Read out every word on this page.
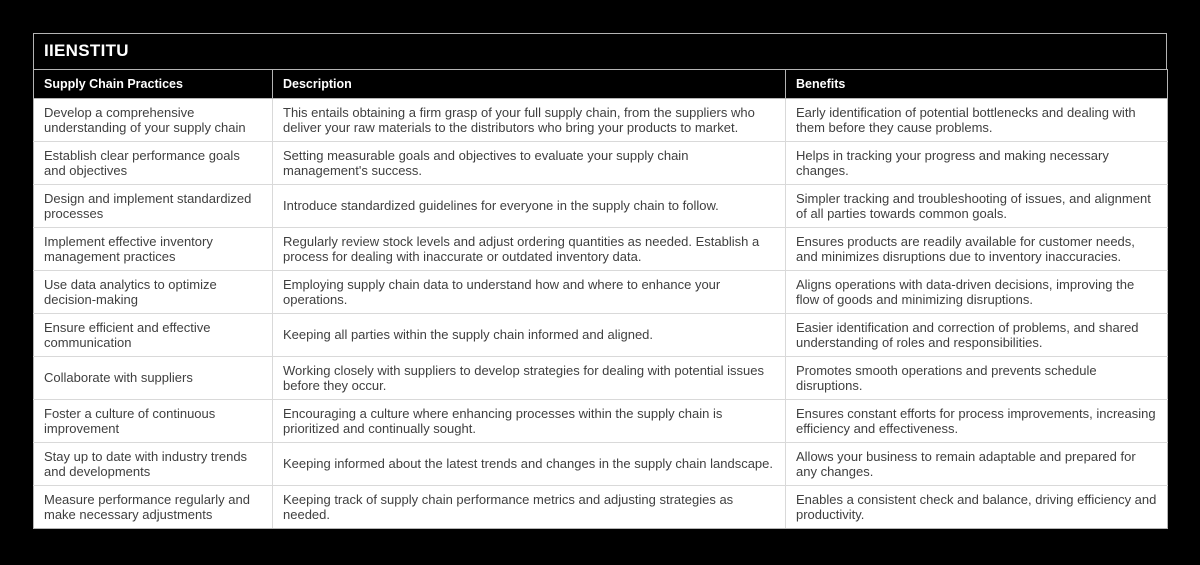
IIENSTITU
Supply Chain Practices	Description	Benefits
Develop a comprehensive understanding of your supply chain	This entails obtaining a firm grasp of your full supply chain, from the suppliers who deliver your raw materials to the distributors who bring your products to market.	Early identification of potential bottlenecks and dealing with them before they cause problems.
Establish clear performance goals and objectives	Setting measurable goals and objectives to evaluate your supply chain management's success.	Helps in tracking your progress and making necessary changes.
Design and implement standardized processes	Introduce standardized guidelines for everyone in the supply chain to follow.	Simpler tracking and troubleshooting of issues, and alignment of all parties towards common goals.
Implement effective inventory management practices	Regularly review stock levels and adjust ordering quantities as needed. Establish a process for dealing with inaccurate or outdated inventory data.	Ensures products are readily available for customer needs, and minimizes disruptions due to inventory inaccuracies.
Use data analytics to optimize decision-making	Employing supply chain data to understand how and where to enhance your operations.	Aligns operations with data-driven decisions, improving the flow of goods and minimizing disruptions.
Ensure efficient and effective communication	Keeping all parties within the supply chain informed and aligned.	Easier identification and correction of problems, and shared understanding of roles and responsibilities.
Collaborate with suppliers	Working closely with suppliers to develop strategies for dealing with potential issues before they occur.	Promotes smooth operations and prevents schedule disruptions.
Foster a culture of continuous improvement	Encouraging a culture where enhancing processes within the supply chain is prioritized and continually sought.	Ensures constant efforts for process improvements, increasing efficiency and effectiveness.
Stay up to date with industry trends and developments	Keeping informed about the latest trends and changes in the supply chain landscape.	Allows your business to remain adaptable and prepared for any changes.
Measure performance regularly and make necessary adjustments	Keeping track of supply chain performance metrics and adjusting strategies as needed.	Enables a consistent check and balance, driving efficiency and productivity.
